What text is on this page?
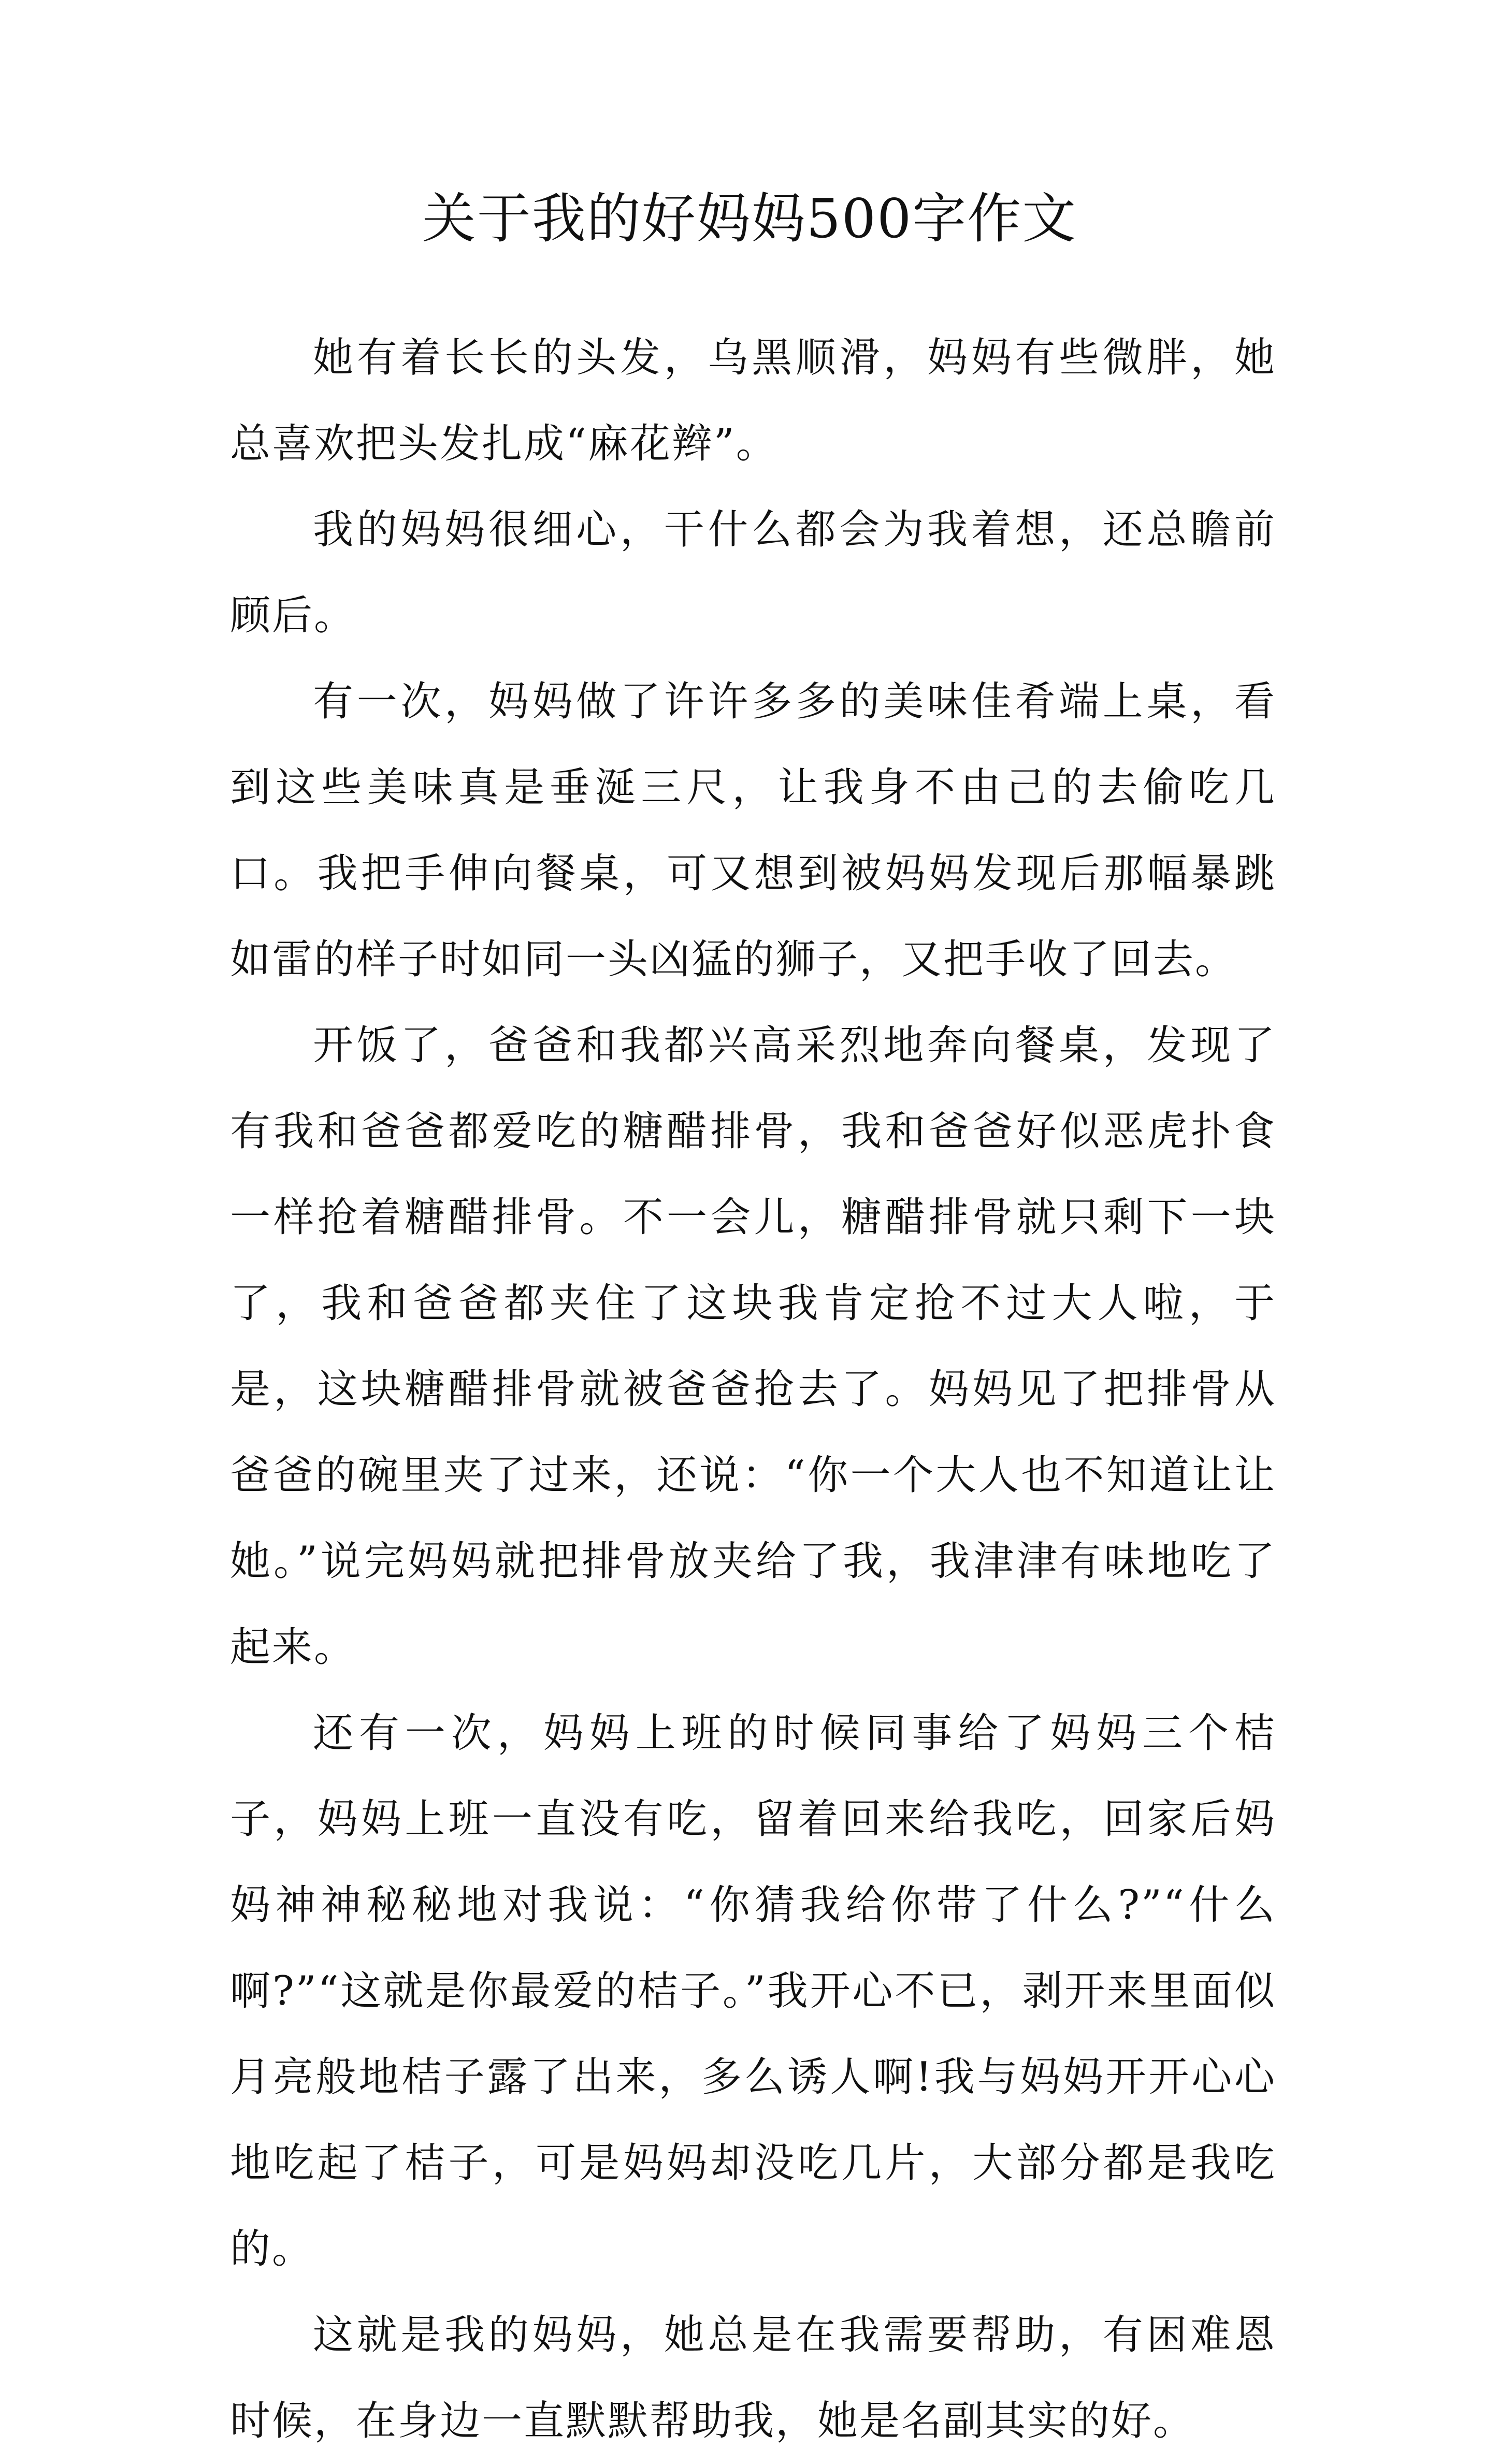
关于我的好妈妈500字作文

她有着长长的头发，乌黑顺滑，妈妈有些微胖，她总喜欢把头发扎成“麻花辫”。

我的妈妈很细心，干什么都会为我着想，还总瞻前顾后。

有一次，妈妈做了许许多多的美味佳肴端上桌，看到这些美味真是垂涎三尺，让我身不由己的去偷吃几口。我把手伸向餐桌，可又想到被妈妈发现后那幅暴跳如雷的样子时如同一头凶猛的狮子，又把手收了回去。

开饭了，爸爸和我都兴高采烈地奔向餐桌，发现了有我和爸爸都爱吃的糖醋排骨，我和爸爸好似恶虎扑食一样抢着糖醋排骨。不一会儿，糖醋排骨就只剩下一块了，我和爸爸都夹住了这块我肯定抢不过大人啦，于是，这块糖醋排骨就被爸爸抢去了。妈妈见了把排骨从爸爸的碗里夹了过来，还说：“你一个大人也不知道让让她。”说完妈妈就把排骨放夹给了我，我津津有味地吃了起来。

还有一次，妈妈上班的时候同事给了妈妈三个桔子，妈妈上班一直没有吃，留着回来给我吃，回家后妈妈神神秘秘地对我说：“你猜我给你带了什么?”“什么啊?”“这就是你最爱的桔子。”我开心不已，剥开来里面似月亮般地桔子露了出来，多么诱人啊!我与妈妈开开心心地吃起了桔子，可是妈妈却没吃几片，大部分都是我吃的。

这就是我的妈妈，她总是在我需要帮助，有困难恩时候，在身边一直默默帮助我，她是名副其实的好。
